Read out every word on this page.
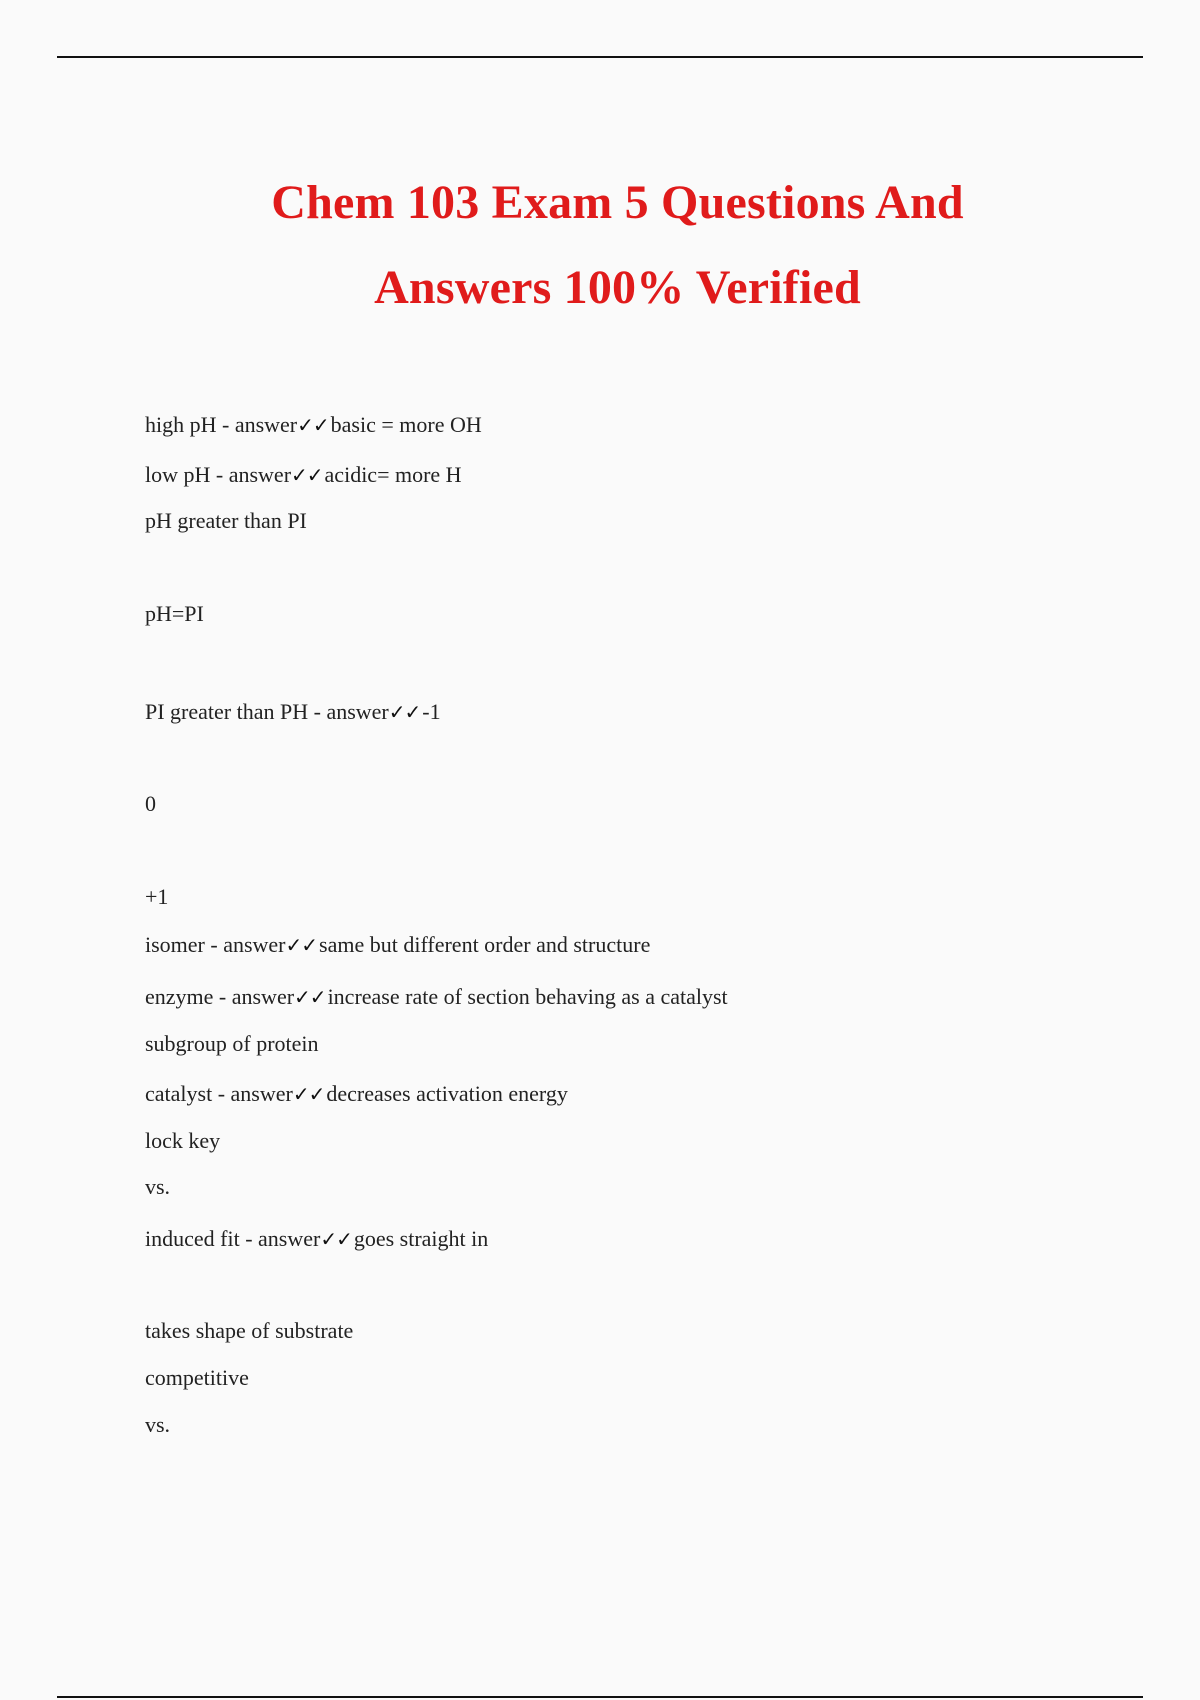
Chem 103 Exam 5 Questions And
Answers 100% Verified
high pH - answer✓✓basic = more OH
low pH - answer✓✓acidic= more H
pH greater than PI
pH=PI
PI greater than PH - answer✓✓-1
0
+1
isomer - answer✓✓same but different order and structure
enzyme - answer✓✓increase rate of section behaving as a catalyst
subgroup of protein
catalyst - answer✓✓decreases activation energy
lock key
vs.
induced fit - answer✓✓goes straight in
takes shape of substrate
competitive
vs.
